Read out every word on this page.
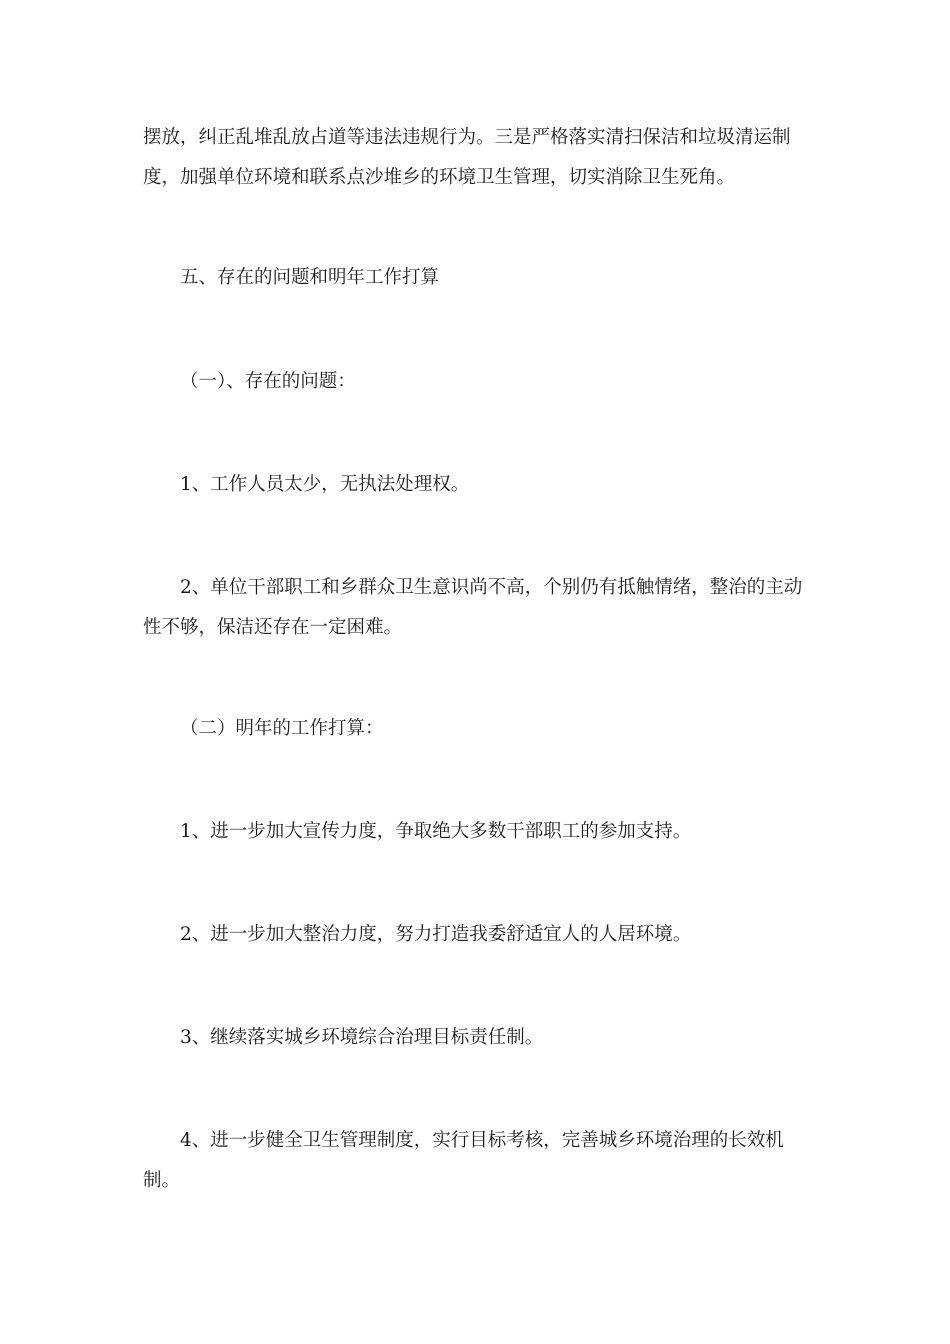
摆放，纠正乱堆乱放占道等违法违规行为。三是严格落实清扫保洁和垃圾清运制度，加强单位环境和联系点沙堆乡的环境卫生管理，切实消除卫生死角。

五、存在的问题和明年工作打算

（一）、存在的问题：

1、工作人员太少，无执法处理权。

2、单位干部职工和乡群众卫生意识尚不高，个别仍有抵触情绪，整治的主动性不够，保洁还存在一定困难。

（二）明年的工作打算：

1、进一步加大宣传力度，争取绝大多数干部职工的参加支持。

2、进一步加大整治力度，努力打造我委舒适宜人的人居环境。

3、继续落实城乡环境综合治理目标责任制。

4、进一步健全卫生管理制度，实行目标考核，完善城乡环境治理的长效机制。
